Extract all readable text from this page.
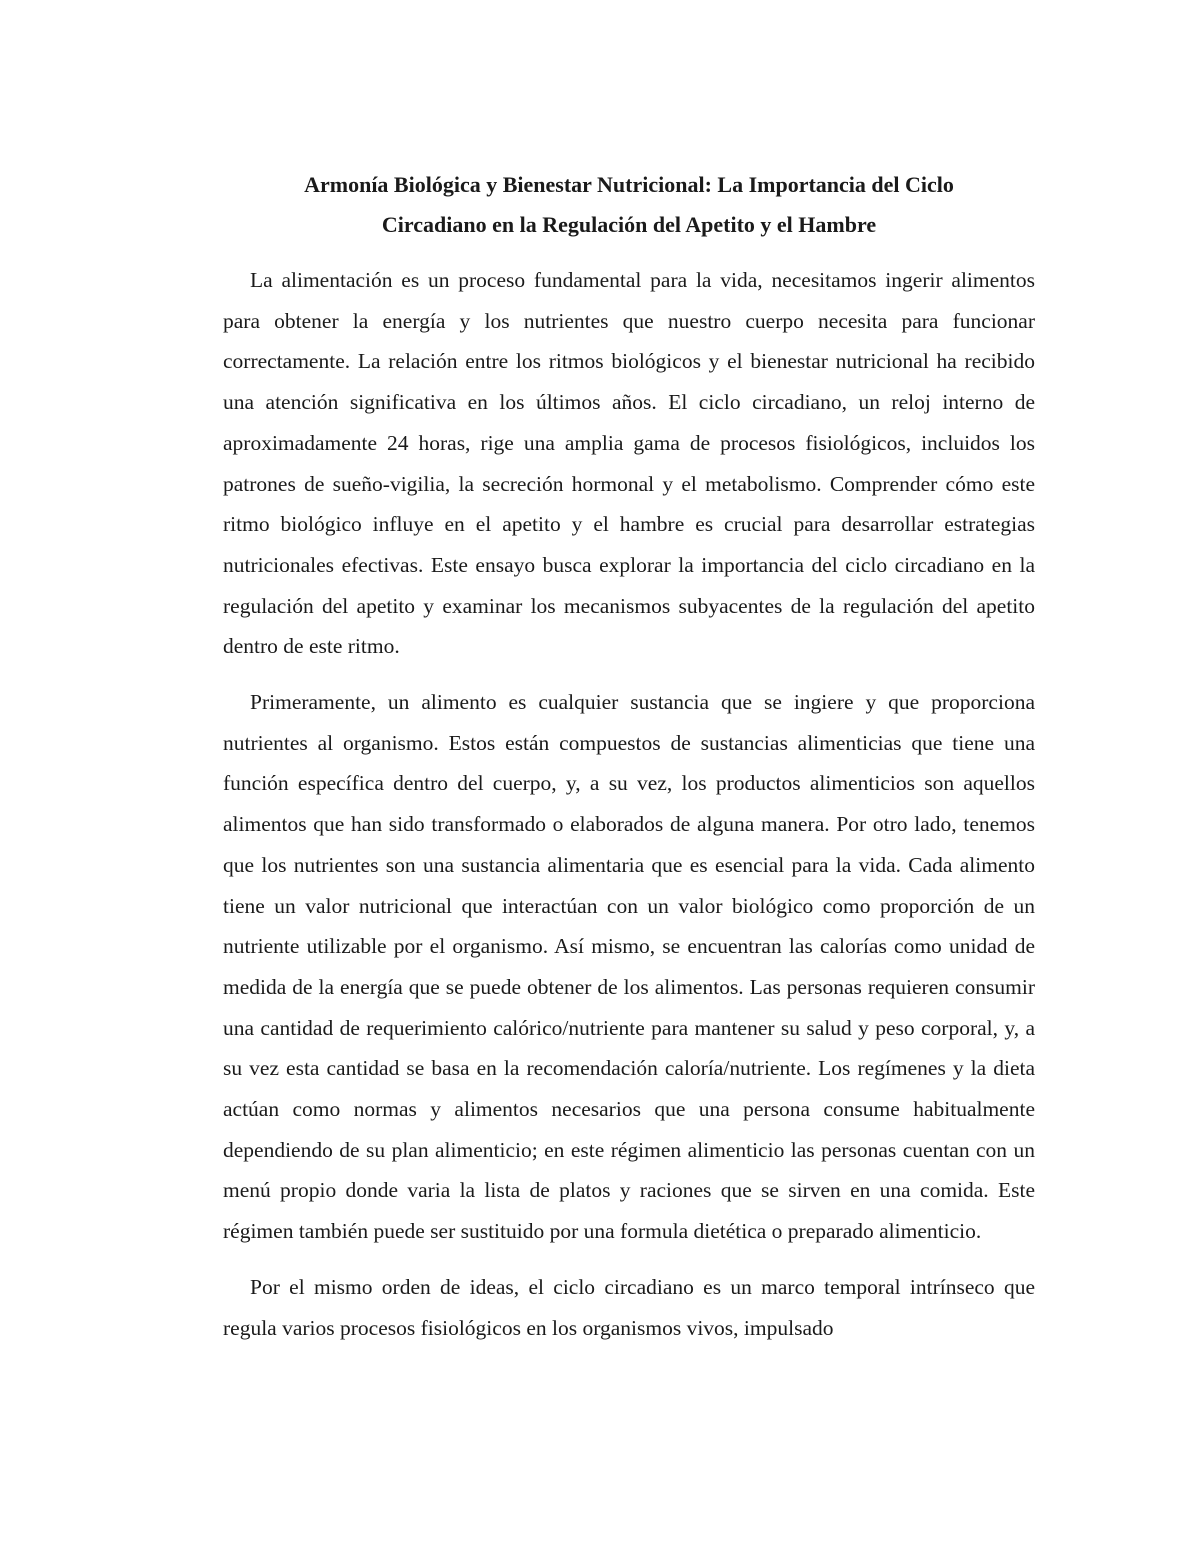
Armonía Biológica y Bienestar Nutricional: La Importancia del Ciclo
Circadiano en la Regulación del Apetito y el Hambre

La alimentación es un proceso fundamental para la vida, necesitamos ingerir alimentos para obtener la energía y los nutrientes que nuestro cuerpo necesita para funcionar correctamente. La relación entre los ritmos biológicos y el bienestar nutricional ha recibido una atención significativa en los últimos años. El ciclo circadiano, un reloj interno de aproximadamente 24 horas, rige una amplia gama de procesos fisiológicos, incluidos los patrones de sueño-vigilia, la secreción hormonal y el metabolismo. Comprender cómo este ritmo biológico influye en el apetito y el hambre es crucial para desarrollar estrategias nutricionales efectivas. Este ensayo busca explorar la importancia del ciclo circadiano en la regulación del apetito y examinar los mecanismos subyacentes de la regulación del apetito dentro de este ritmo.

Primeramente, un alimento es cualquier sustancia que se ingiere y que proporciona nutrientes al organismo. Estos están compuestos de sustancias alimenticias que tiene una función específica dentro del cuerpo, y, a su vez, los productos alimenticios son aquellos alimentos que han sido transformado o elaborados de alguna manera. Por otro lado, tenemos que los nutrientes son una sustancia alimentaria que es esencial para la vida. Cada alimento tiene un valor nutricional que interactúan con un valor biológico como proporción de un nutriente utilizable por el organismo. Así mismo, se encuentran las calorías como unidad de medida de la energía que se puede obtener de los alimentos. Las personas requieren consumir una cantidad de requerimiento calórico/nutriente para mantener su salud y peso corporal, y, a su vez esta cantidad se basa en la recomendación caloría/nutriente. Los regímenes y la dieta actúan como normas y alimentos necesarios que una persona consume habitualmente dependiendo de su plan alimenticio; en este régimen alimenticio las personas cuentan con un menú propio donde varia la lista de platos y raciones que se sirven en una comida. Este régimen también puede ser sustituido por una formula dietética o preparado alimenticio.

Por el mismo orden de ideas, el ciclo circadiano es un marco temporal intrínseco que regula varios procesos fisiológicos en los organismos vivos, impulsado
